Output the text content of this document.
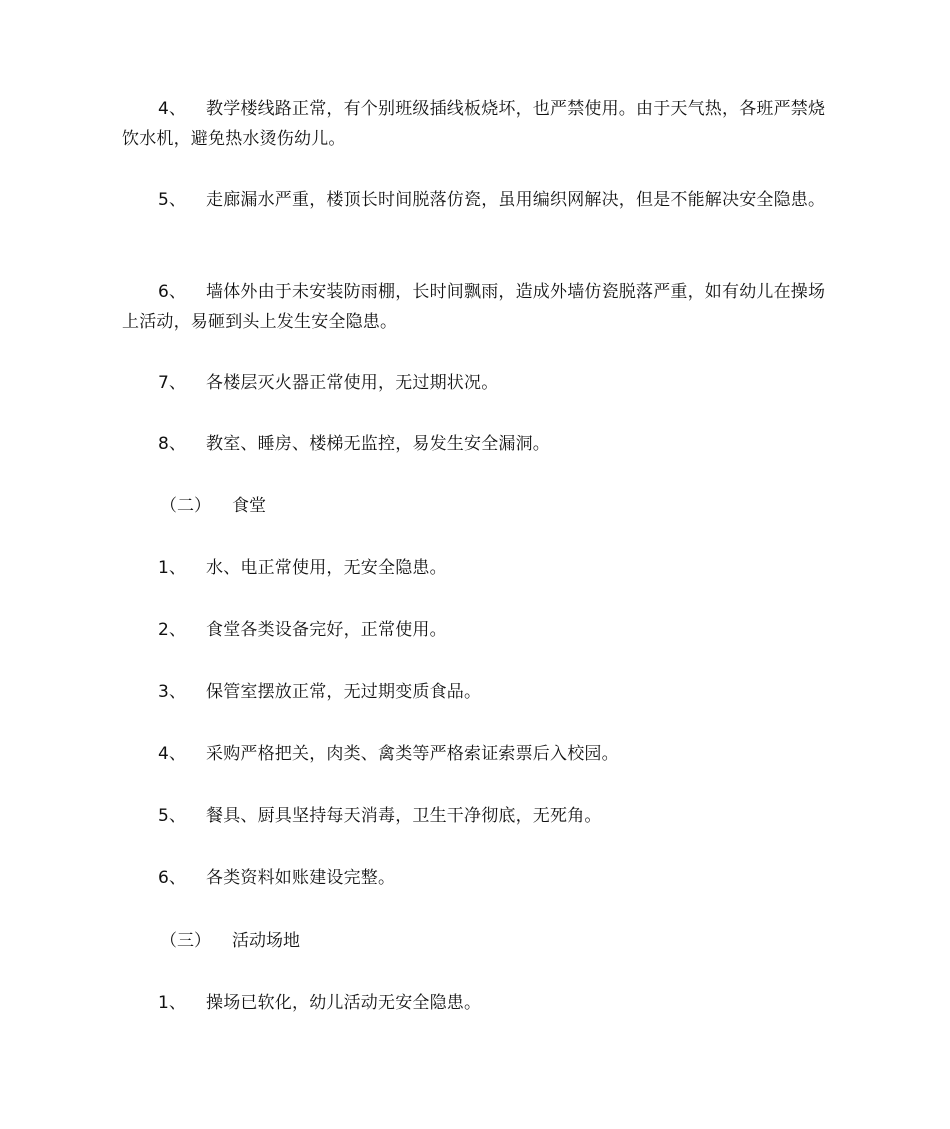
4、 教学楼线路正常，有个别班级插线板烧坏，也严禁使用。由于天气热，各班严禁烧饮水机，避免热水烫伤幼儿。
5、 走廊漏水严重，楼顶长时间脱落仿瓷，虽用编织网解决，但是不能解决安全隐患。
6、 墙体外由于未安装防雨棚，长时间飘雨，造成外墙仿瓷脱落严重，如有幼儿在操场上活动，易砸到头上发生安全隐患。
7、 各楼层灭火器正常使用，无过期状况。
8、 教室、睡房、楼梯无监控，易发生安全漏洞。
（二） 食堂
1、 水、电正常使用，无安全隐患。
2、 食堂各类设备完好，正常使用。
3、 保管室摆放正常，无过期变质食品。
4、 采购严格把关，肉类、禽类等严格索证索票后入校园。
5、 餐具、厨具坚持每天消毒，卫生干净彻底，无死角。
6、 各类资料如账建设完整。
（三） 活动场地
1、 操场已软化，幼儿活动无安全隐患。
